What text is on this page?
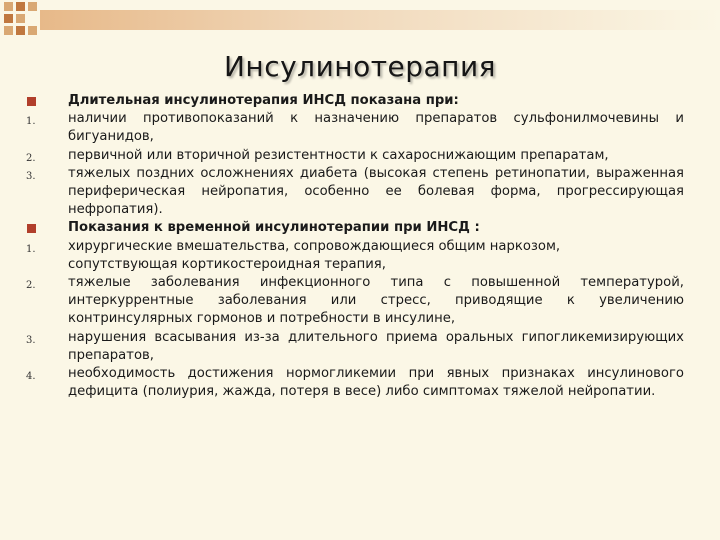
Инсулинотерапия
Длительная инсулинотерапия ИНСД показана при:
1. наличии противопоказаний к назначению препаратов сульфонилмочевины и бигуанидов,
2. первичной или вторичной резистентности к сахароснижающим препаратам,
3. тяжелых поздних осложнениях диабета (высокая степень ретинопатии, выраженная периферическая нейропатия, особенно ее болевая форма, прогрессирующая нефропатия).
Показания к временной инсулинотерапии при ИНСД :
1. хирургические вмешательства, сопровождающиеся общим наркозом,
сопутствующая кортикостероидная терапия,
2. тяжелые заболевания инфекционного типа с повышенной температурой, интеркуррентные заболевания или стресс, приводящие к увеличению контринсулярных гормонов и потребности в инсулине,
3. нарушения всасывания из-за длительного приема оральных гипогликемизирующих препаратов,
4. необходимость достижения нормогликемии при явных признаках инсулинового дефицита (полиурия, жажда, потеря в весе) либо симптомах тяжелой нейропатии.
